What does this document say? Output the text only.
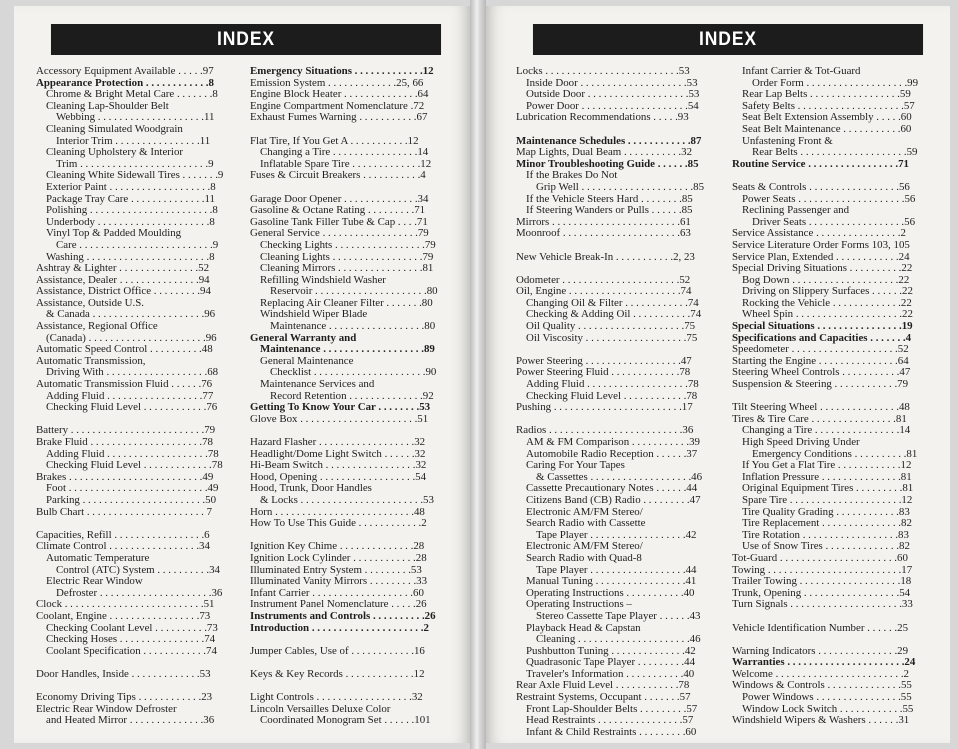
INDEX
Accessory Equipment Available . . . . .97
Appearance Protection . . . . . . . . . . . .8
Chrome & Bright Metal Care . . . . . . .8
Cleaning Lap-Shoulder Belt
Webbing . . . . . . . . . . . . . . . . . . . .11
Cleaning Simulated Woodgrain
Interior Trim . . . . . . . . . . . . . . . .11
Cleaning Upholstery & Interior
Trim . . . . . . . . . . . . . . . . . . . . . . . .9
Cleaning White Sidewall Tires . . . . . . .9
Exterior Paint . . . . . . . . . . . . . . . . . . .8
Package Tray Care . . . . . . . . . . . . . .11
Polishing . . . . . . . . . . . . . . . . . . . . . . .8
Underbody . . . . . . . . . . . . . . . . . . . . .8
Vinyl Top & Padded Moulding
Care . . . . . . . . . . . . . . . . . . . . . . . . .9
Washing . . . . . . . . . . . . . . . . . . . . . . .8
Ashtray & Lighter . . . . . . . . . . . . . . .52
Assistance, Dealer . . . . . . . . . . . . . . .94
Assistance, District Office . . . . . . . . .94
Assistance, Outside U.S.
& Canada . . . . . . . . . . . . . . . . . . . . .96
Assistance, Regional Office
(Canada) . . . . . . . . . . . . . . . . . . . . . .96
Automatic Speed Control . . . . . . . . . .48
Automatic Transmission,
Driving With . . . . . . . . . . . . . . . . . . .68
Automatic Transmission Fluid . . . . . .76
Adding Fluid . . . . . . . . . . . . . . . . . .77
Checking Fluid Level . . . . . . . . . . . .76
Battery . . . . . . . . . . . . . . . . . . . . . . . . .79
Brake Fluid . . . . . . . . . . . . . . . . . . . . .78
Adding Fluid . . . . . . . . . . . . . . . . . . .78
Checking Fluid Level . . . . . . . . . . . . .78
Brakes . . . . . . . . . . . . . . . . . . . . . . . . .49
Foot . . . . . . . . . . . . . . . . . . . . . . . . . .49
Parking . . . . . . . . . . . . . . . . . . . . . . .50
Bulb Chart . . . . . . . . . . . . . . . . . . . . . . 7
Capacities, Refill . . . . . . . . . . . . . . . . .6
Climate Control . . . . . . . . . . . . . . . . .34
Automatic Temperature
Control (ATC) System . . . . . . . . . .34
Electric Rear Window
Defroster . . . . . . . . . . . . . . . . . . . . .36
Clock . . . . . . . . . . . . . . . . . . . . . . . . . .51
Coolant, Engine . . . . . . . . . . . . . . . . .73
Checking Coolant Level . . . . . . . . . .73
Checking Hoses . . . . . . . . . . . . . . . .74
Coolant Specification . . . . . . . . . . . .74
Door Handles, Inside . . . . . . . . . . . . .53
Economy Driving Tips . . . . . . . . . . . .23
Electric Rear Window Defroster
and Heated Mirror . . . . . . . . . . . . . .36
Emergency Situations . . . . . . . . . . . . .12
Emission System . . . . . . . . . . . . .25, 66
Engine Block Heater . . . . . . . . . . . . . .64
Engine Compartment Nomenclature .72
Exhaust Fumes Warning . . . . . . . . . . .67
Flat Tire, If You Get A . . . . . . . . . . .12
Changing a Tire . . . . . . . . . . . . . . . .14
Inflatable Spare Tire . . . . . . . . . . . . .12
Fuses & Circuit Breakers . . . . . . . . . . .4
Garage Door Opener . . . . . . . . . . . . . .34
Gasoline & Octane Rating . . . . . . . . .71
Gasoline Tank Filler Tube & Cap . . . .71
General Service . . . . . . . . . . . . . . . . . .79
Checking Lights . . . . . . . . . . . . . . . . .79
Cleaning Lights . . . . . . . . . . . . . . . . .79
Cleaning Mirrors . . . . . . . . . . . . . . . .81
Refilling Windshield Washer
Reservoir . . . . . . . . . . . . . . . . . . . . .80
Replacing Air Cleaner Filter . . . . . . .80
Windshield Wiper Blade
Maintenance . . . . . . . . . . . . . . . . . .80
General Warranty and
Maintenance . . . . . . . . . . . . . . . . . . .89
General Maintenance
Checklist . . . . . . . . . . . . . . . . . . . . .90
Maintenance Services and
Record Retention . . . . . . . . . . . . . .92
Getting To Know Your Car . . . . . . . .53
Glove Box . . . . . . . . . . . . . . . . . . . . . .51
Hazard Flasher . . . . . . . . . . . . . . . . . .32
Headlight/Dome Light Switch . . . . . .32
Hi-Beam Switch . . . . . . . . . . . . . . . . .32
Hood, Opening . . . . . . . . . . . . . . . . . .54
Hood, Trunk, Door Handles
& Locks . . . . . . . . . . . . . . . . . . . . . . .53
Horn . . . . . . . . . . . . . . . . . . . . . . . . . .48
How To Use This Guide . . . . . . . . . . . .2
Ignition Key Chime . . . . . . . . . . . . . .28
Ignition Lock Cylinder . . . . . . . . . . . .28
Illuminated Entry System . . . . . . . . .53
Illuminated Vanity Mirrors . . . . . . . . .33
Infant Carrier . . . . . . . . . . . . . . . . . . .60
Instrument Panel Nomenclature . . . . .26
Instruments and Controls . . . . . . . . . .26
Introduction . . . . . . . . . . . . . . . . . . . . .2
Jumper Cables, Use of . . . . . . . . . . . .16
Keys & Key Records . . . . . . . . . . . . .12
Light Controls . . . . . . . . . . . . . . . . . .32
Lincoln Versailles Deluxe Color
Coordinated Monogram Set . . . . . .101
INDEX
Locks . . . . . . . . . . . . . . . . . . . . . . . . .53
Inside Door . . . . . . . . . . . . . . . . . . . .53
Outside Door . . . . . . . . . . . . . . . . . . .53
Power Door . . . . . . . . . . . . . . . . . . . .54
Lubrication Recommendations . . . . .93
Maintenance Schedules . . . . . . . . . . . .87
Map Lights, Dual Beam . . . . . . . . . . .32
Minor Troubleshooting Guide . . . . . .85
If the Brakes Do Not
Grip Well . . . . . . . . . . . . . . . . . . . . .85
If the Vehicle Steers Hard . . . . . . . .85
If Steering Wanders or Pulls . . . . . .85
Mirrors . . . . . . . . . . . . . . . . . . . . . . . .61
Moonroof . . . . . . . . . . . . . . . . . . . . . .63
New Vehicle Break-In . . . . . . . . . . .2, 23
Odometer . . . . . . . . . . . . . . . . . . . . . .52
Oil, Engine . . . . . . . . . . . . . . . . . . . . .74
Changing Oil & Filter . . . . . . . . . . . .74
Checking & Adding Oil . . . . . . . . . . .74
Oil Quality . . . . . . . . . . . . . . . . . . . .75
Oil Viscosity . . . . . . . . . . . . . . . . . . .75
Power Steering . . . . . . . . . . . . . . . . . .47
Power Steering Fluid . . . . . . . . . . . . .78
Adding Fluid . . . . . . . . . . . . . . . . . . .78
Checking Fluid Level . . . . . . . . . . . .78
Pushing . . . . . . . . . . . . . . . . . . . . . . . .17
Radios . . . . . . . . . . . . . . . . . . . . . . . . .36
AM & FM Comparison . . . . . . . . . . .39
Automobile Radio Reception . . . . . .37
Caring For Your Tapes
& Cassettes . . . . . . . . . . . . . . . . . . .46
Cassette Precautionary Notes . . . . . .44
Citizens Band (CB) Radio . . . . . . . . .47
Electronic AM/FM Stereo/
Search Radio with Cassette
Tape Player . . . . . . . . . . . . . . . . . .42
Electronic AM/FM Stereo/
Search Radio with Quad-8
Tape Player . . . . . . . . . . . . . . . . . .44
Manual Tuning . . . . . . . . . . . . . . . . .41
Operating Instructions . . . . . . . . . . .40
Operating Instructions –
Stereo Cassette Tape Player . . . . . .43
Playback Head & Capstan
Cleaning . . . . . . . . . . . . . . . . . . . . .46
Pushbutton Tuning . . . . . . . . . . . . . .42
Quadrasonic Tape Player . . . . . . . . .44
Traveler's Information . . . . . . . . . . .40
Rear Axle Fluid Level . . . . . . . . . . . .78
Restraint Systems, Occupant . . . . . . .57
Front Lap-Shoulder Belts . . . . . . . . .57
Head Restraints . . . . . . . . . . . . . . . .57
Infant & Child Restraints . . . . . . . . .60
Infant Carrier & Tot-Guard
Order Form . . . . . . . . . . . . . . . . . . .99
Rear Lap Belts . . . . . . . . . . . . . . . . .59
Safety Belts . . . . . . . . . . . . . . . . . . . .57
Seat Belt Extension Assembly . . . . .60
Seat Belt Maintenance . . . . . . . . . . .60
Unfastening Front &
Rear Belts . . . . . . . . . . . . . . . . . . . .59
Routine Service . . . . . . . . . . . . . . . . .71
Seats & Controls . . . . . . . . . . . . . . . . .56
Power Seats . . . . . . . . . . . . . . . . . . . .56
Reclining Passenger and
Driver Seats . . . . . . . . . . . . . . . . . .56
Service Assistance . . . . . . . . . . . . . . . .2
Service Literature Order Forms 103, 105
Service Plan, Extended . . . . . . . . . . . .24
Special Driving Situations . . . . . . . . . .22
Bog Down . . . . . . . . . . . . . . . . . . . .22
Driving on Slippery Surfaces . . . . . .22
Rocking the Vehicle . . . . . . . . . . . . .22
Wheel Spin . . . . . . . . . . . . . . . . . . . .22
Special Situations . . . . . . . . . . . . . . . .19
Specifications and Capacities . . . . . . .4
Speedometer . . . . . . . . . . . . . . . . . . . .52
Starting the Engine . . . . . . . . . . . . . . .64
Steering Wheel Controls . . . . . . . . . . .47
Suspension & Steering . . . . . . . . . . . .79
Tilt Steering Wheel . . . . . . . . . . . . . . .48
Tires & Tire Care . . . . . . . . . . . . . . . .81
Changing a Tire . . . . . . . . . . . . . . . .14
High Speed Driving Under
Emergency Conditions . . . . . . . . . .81
If You Get a Flat Tire . . . . . . . . . . . .12
Inflation Pressure . . . . . . . . . . . . . . .81
Original Equipment Tires . . . . . . . . .81
Spare Tire . . . . . . . . . . . . . . . . . . . . .12
Tire Quality Grading . . . . . . . . . . . .83
Tire Replacement . . . . . . . . . . . . . . .82
Tire Rotation . . . . . . . . . . . . . . . . . .83
Use of Snow Tires . . . . . . . . . . . . . .82
Tot-Guard . . . . . . . . . . . . . . . . . . . . . .60
Towing . . . . . . . . . . . . . . . . . . . . . . . . .17
Trailer Towing . . . . . . . . . . . . . . . . . . .18
Trunk, Opening . . . . . . . . . . . . . . . . . .54
Turn Signals . . . . . . . . . . . . . . . . . . . . .33
Vehicle Identification Number . . . . . .25
Warning Indicators . . . . . . . . . . . . . . .29
Warranties . . . . . . . . . . . . . . . . . . . . . .24
Welcome . . . . . . . . . . . . . . . . . . . . . . . .2
Windows & Controls . . . . . . . . . . . . . .55
Power Windows . . . . . . . . . . . . . . . .55
Window Lock Switch . . . . . . . . . . . .55
Windshield Wipers & Washers . . . . . .31
